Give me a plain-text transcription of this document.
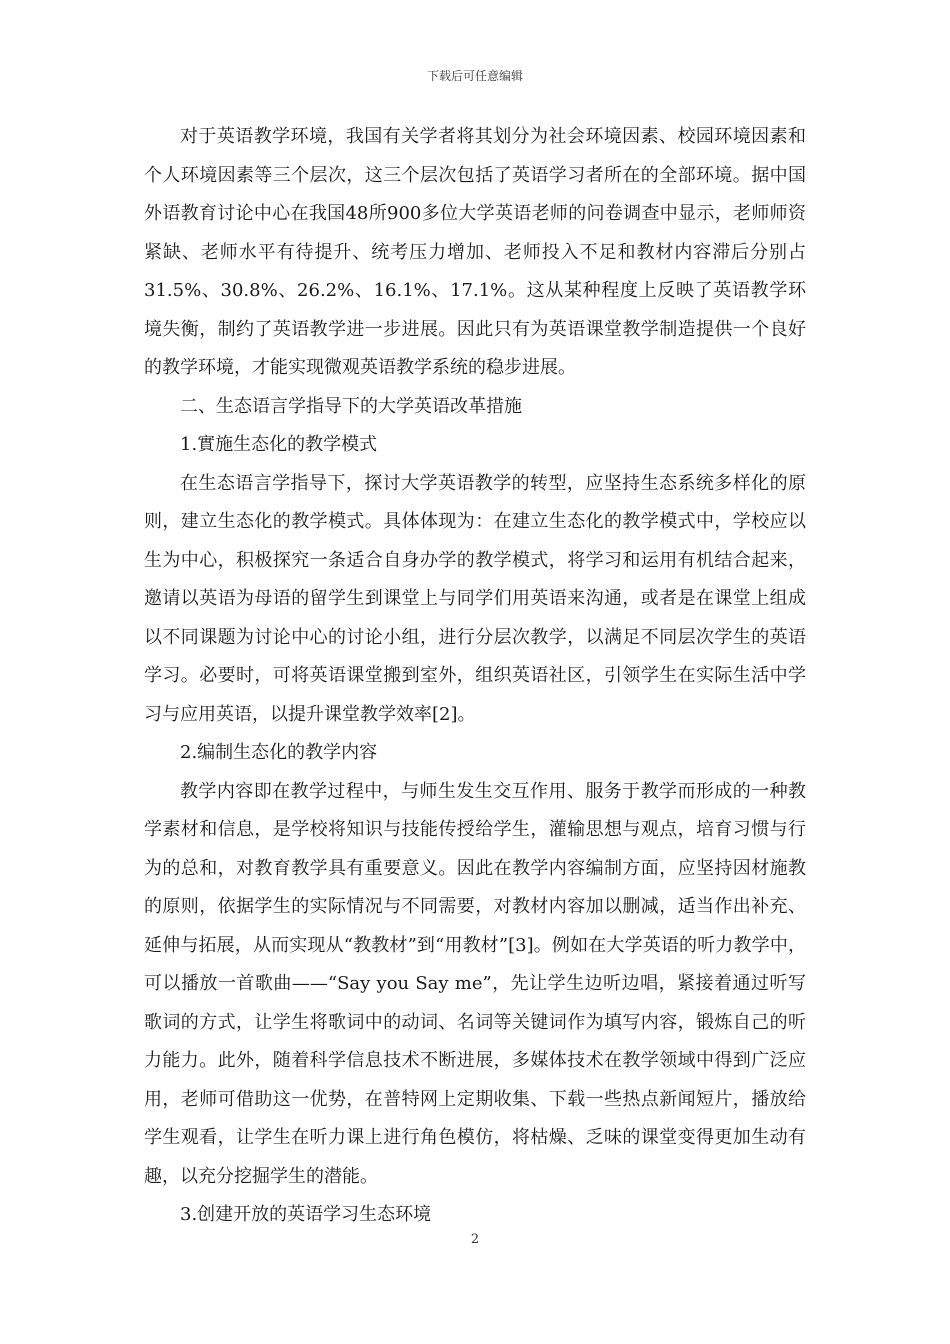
下载后可任意编辑

对于英语教学环境，我国有关学者将其划分为社会环境因素、校园环境因素和个人环境因素等三个层次，这三个层次包括了英语学习者所在的全部环境。据中国外语教育讨论中心在我国48所900多位大学英语老师的问卷调查中显示，老师师资紧缺、老师水平有待提升、统考压力增加、老师投入不足和教材内容滞后分别占31.5%、30.8%、26.2%、16.1%、17.1%。这从某种程度上反映了英语教学环境失衡，制约了英语教学进一步进展。因此只有为英语课堂教学制造提供一个良好的教学环境，才能实现微观英语教学系统的稳步进展。

二、生态语言学指导下的大学英语改革措施

1.實施生态化的教学模式

在生态语言学指导下，探讨大学英语教学的转型，应坚持生态系统多样化的原则，建立生态化的教学模式。具体体现为：在建立生态化的教学模式中，学校应以生为中心，积极探究一条适合自身办学的教学模式，将学习和运用有机结合起来，邀请以英语为母语的留学生到课堂上与同学们用英语来沟通，或者是在课堂上组成以不同课题为讨论中心的讨论小组，进行分层次教学，以满足不同层次学生的英语学习。必要时，可将英语课堂搬到室外，组织英语社区，引领学生在实际生活中学习与应用英语，以提升课堂教学效率[2]。

2.编制生态化的教学内容

教学内容即在教学过程中，与师生发生交互作用、服务于教学而形成的一种教学素材和信息，是学校将知识与技能传授给学生，灌输思想与观点，培育习惯与行为的总和，对教育教学具有重要意义。因此在教学内容编制方面，应坚持因材施教的原则，依据学生的实际情况与不同需要，对教材内容加以删减，适当作出补充、延伸与拓展，从而实现从“教教材”到“用教材”[3]。例如在大学英语的听力教学中，可以播放一首歌曲——“Say you Say me”，先让学生边听边唱，紧接着通过听写歌词的方式，让学生将歌词中的动词、名词等关键词作为填写内容，锻炼自己的听力能力。此外，随着科学信息技术不断进展，多媒体技术在教学领域中得到广泛应用，老师可借助这一优势，在普特网上定期收集、下载一些热点新闻短片，播放给学生观看，让学生在听力课上进行角色模仿，将枯燥、乏味的课堂变得更加生动有趣，以充分挖掘学生的潜能。

3.创建开放的英语学习生态环境

2
